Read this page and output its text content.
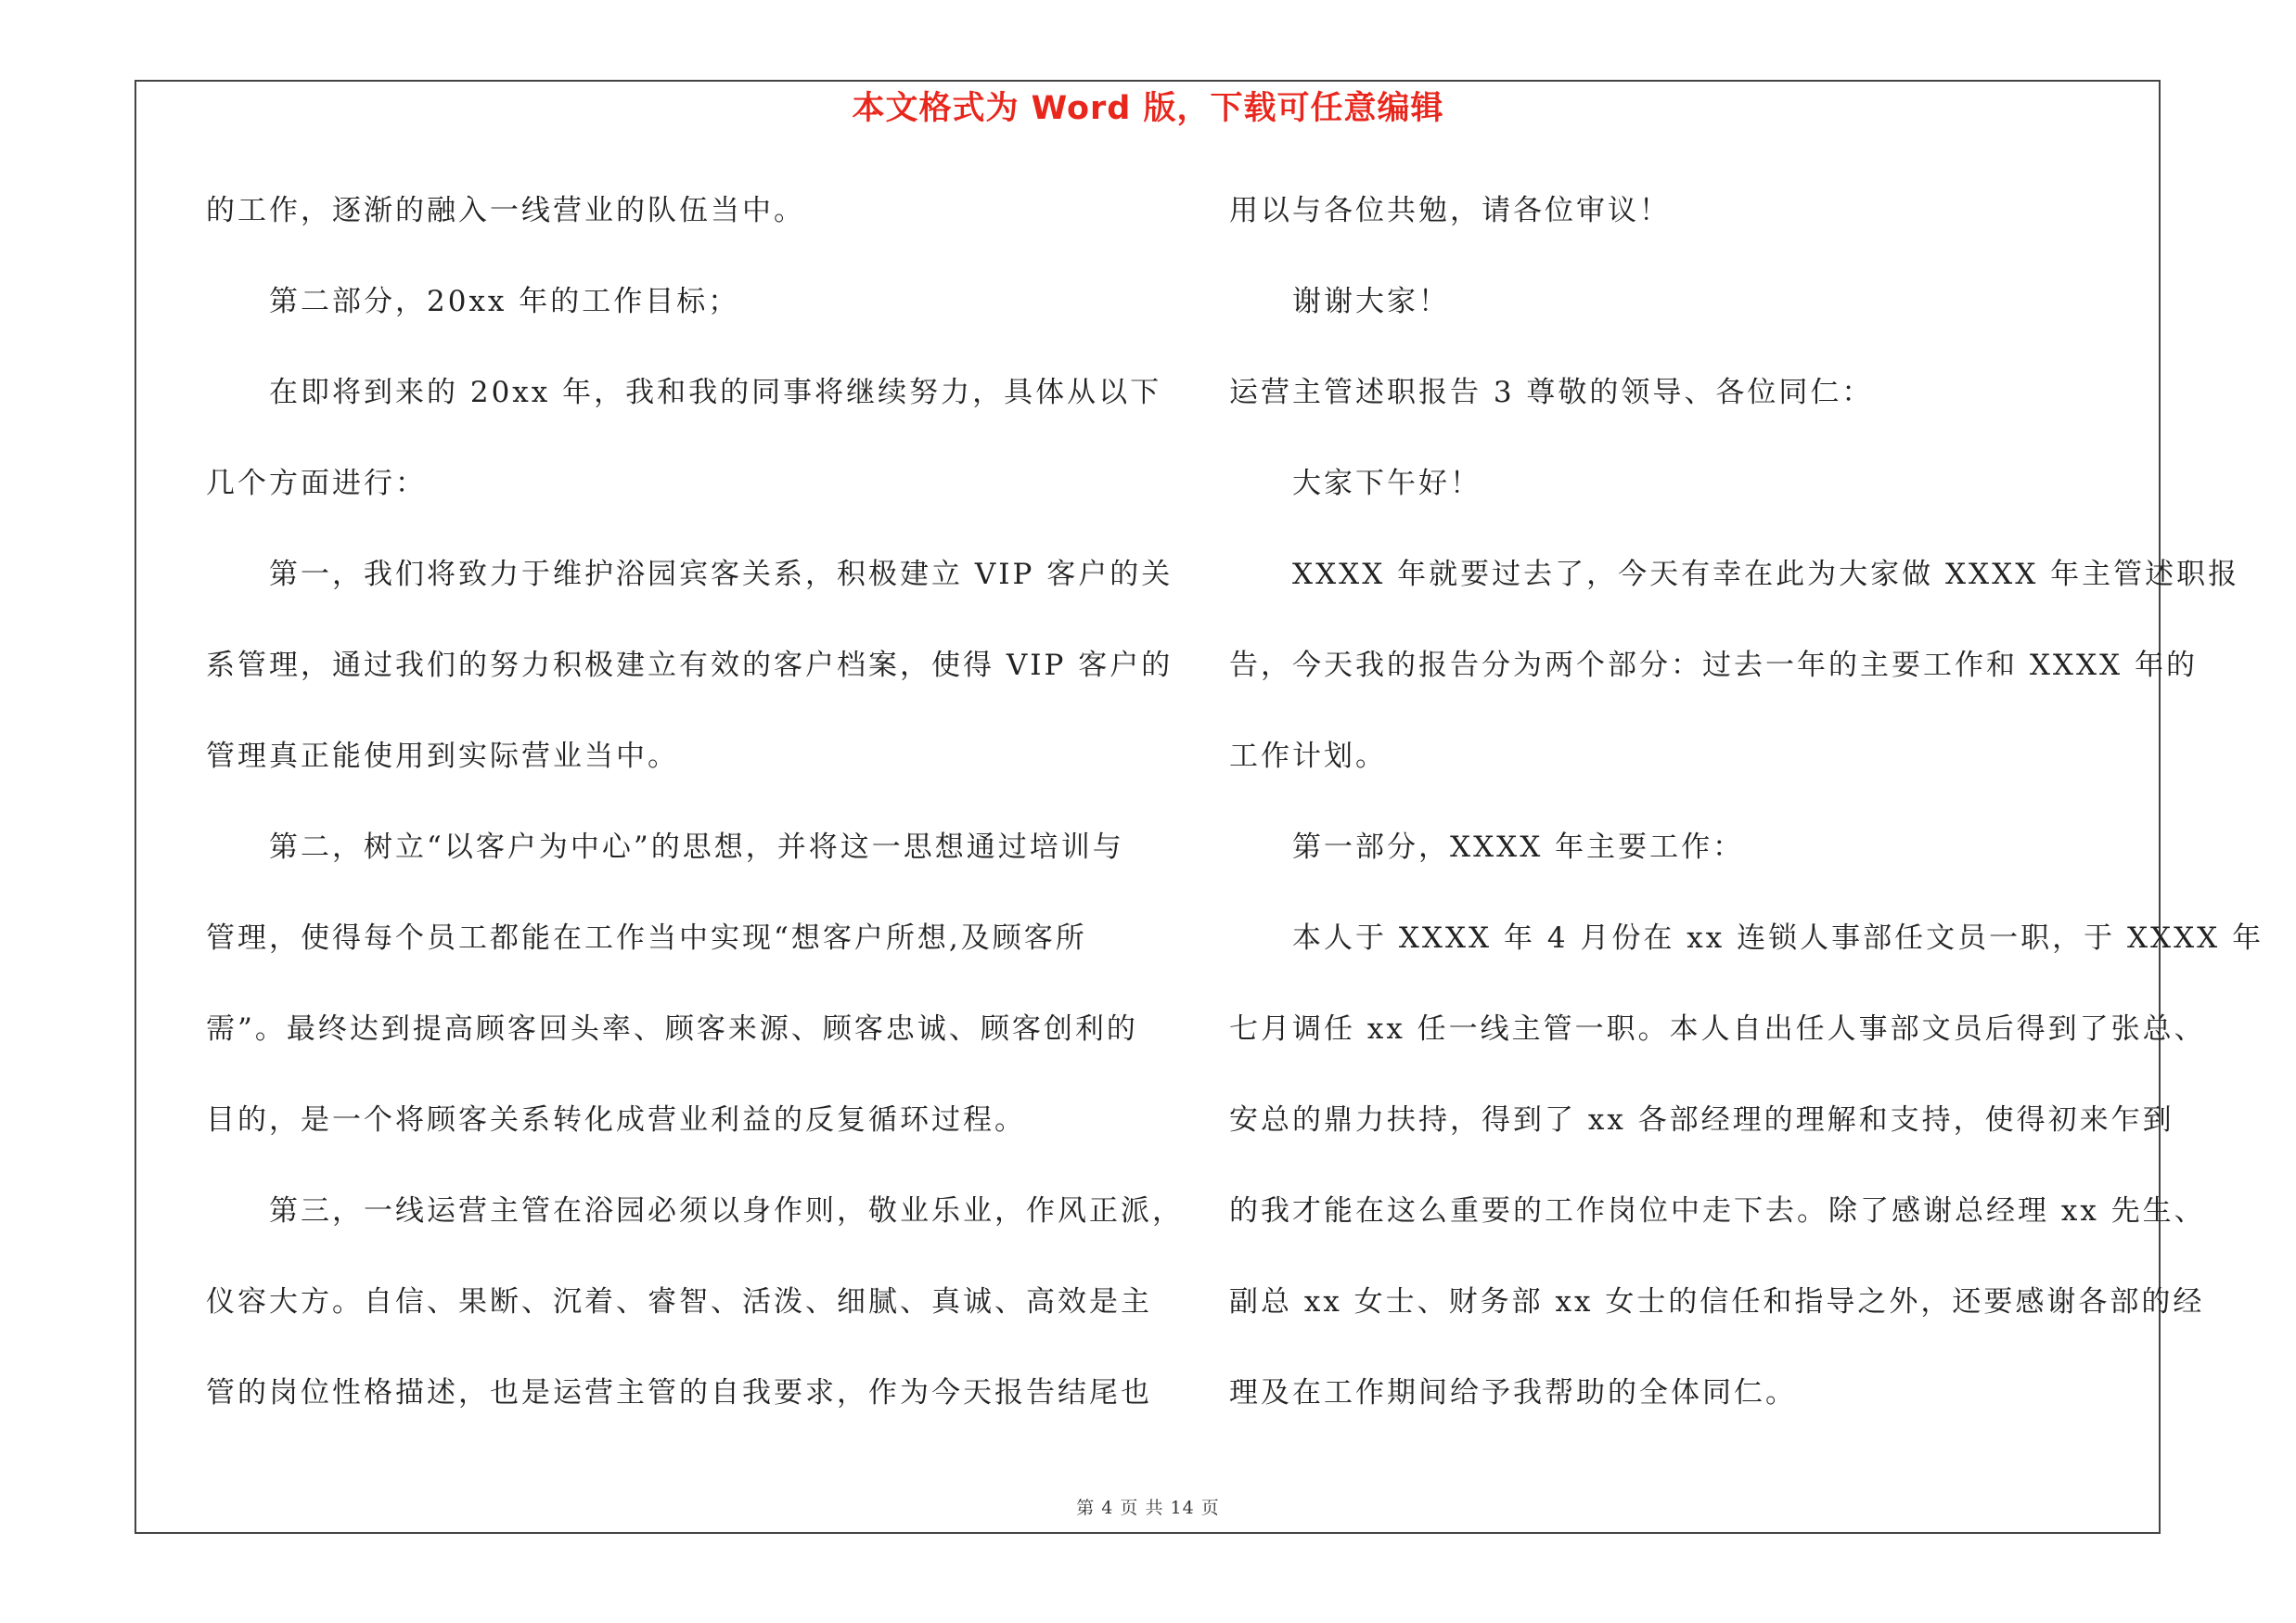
本文格式为 Word 版，下载可任意编辑
的工作，逐渐的融入一线营业的队伍当中。
第二部分，20xx 年的工作目标；
在即将到来的 20xx 年，我和我的同事将继续努力，具体从以下
几个方面进行：
第一，我们将致力于维护浴园宾客关系，积极建立 VIP 客户的关
系管理，通过我们的努力积极建立有效的客户档案，使得 VIP 客户的
管理真正能使用到实际营业当中。
第二，树立“以客户为中心”的思想，并将这一思想通过培训与
管理，使得每个员工都能在工作当中实现“想客户所想,及顾客所
需”。最终达到提高顾客回头率、顾客来源、顾客忠诚、顾客创利的
目的，是一个将顾客关系转化成营业利益的反复循环过程。
第三，一线运营主管在浴园必须以身作则，敬业乐业，作风正派，
仪容大方。自信、果断、沉着、睿智、活泼、细腻、真诚、高效是主
管的岗位性格描述，也是运营主管的自我要求，作为今天报告结尾也
用以与各位共勉，请各位审议！
谢谢大家！
运营主管述职报告 3 尊敬的领导、各位同仁：
大家下午好！
XXXX 年就要过去了，今天有幸在此为大家做 XXXX 年主管述职报
告，今天我的报告分为两个部分：过去一年的主要工作和 XXXX 年的
工作计划。
第一部分，XXXX 年主要工作：
本人于 XXXX 年 4 月份在 xx 连锁人事部任文员一职，于 XXXX 年
七月调任 xx 任一线主管一职。本人自出任人事部文员后得到了张总、
安总的鼎力扶持，得到了 xx 各部经理的理解和支持，使得初来乍到
的我才能在这么重要的工作岗位中走下去。除了感谢总经理 xx 先生、
副总 xx 女士、财务部 xx 女士的信任和指导之外，还要感谢各部的经
理及在工作期间给予我帮助的全体同仁。
第 4 页 共 14 页
